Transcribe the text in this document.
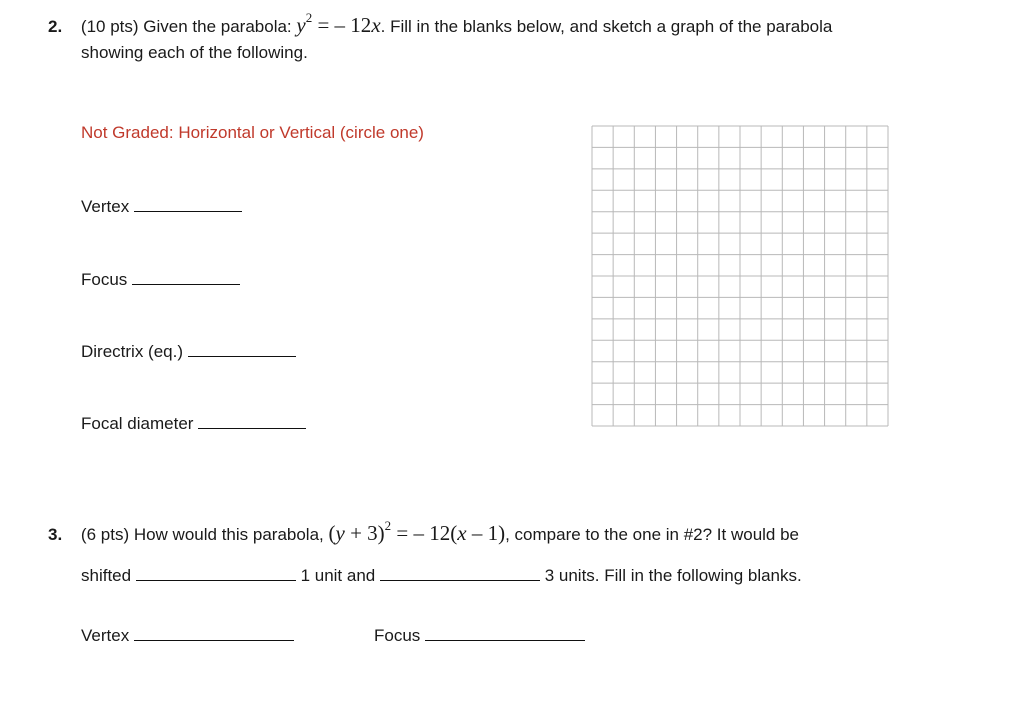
2. (10 pts) Given the parabola: $y^2$ = – 12x. Fill in the blanks below, and sketch a graph of the parabola
showing each of the following.
Not Graded: Horizontal or Vertical (circle one)
Vertex
Focus
Directrix (eq.)
Focal diameter
3. (6 pts) How would this parabola, $(y + 3)^2$ = – 12(x – 1), compare to the one in #2? It would be
shifted	1 unit and	3 units. Fill in the following blanks.
Vertex	Focus
